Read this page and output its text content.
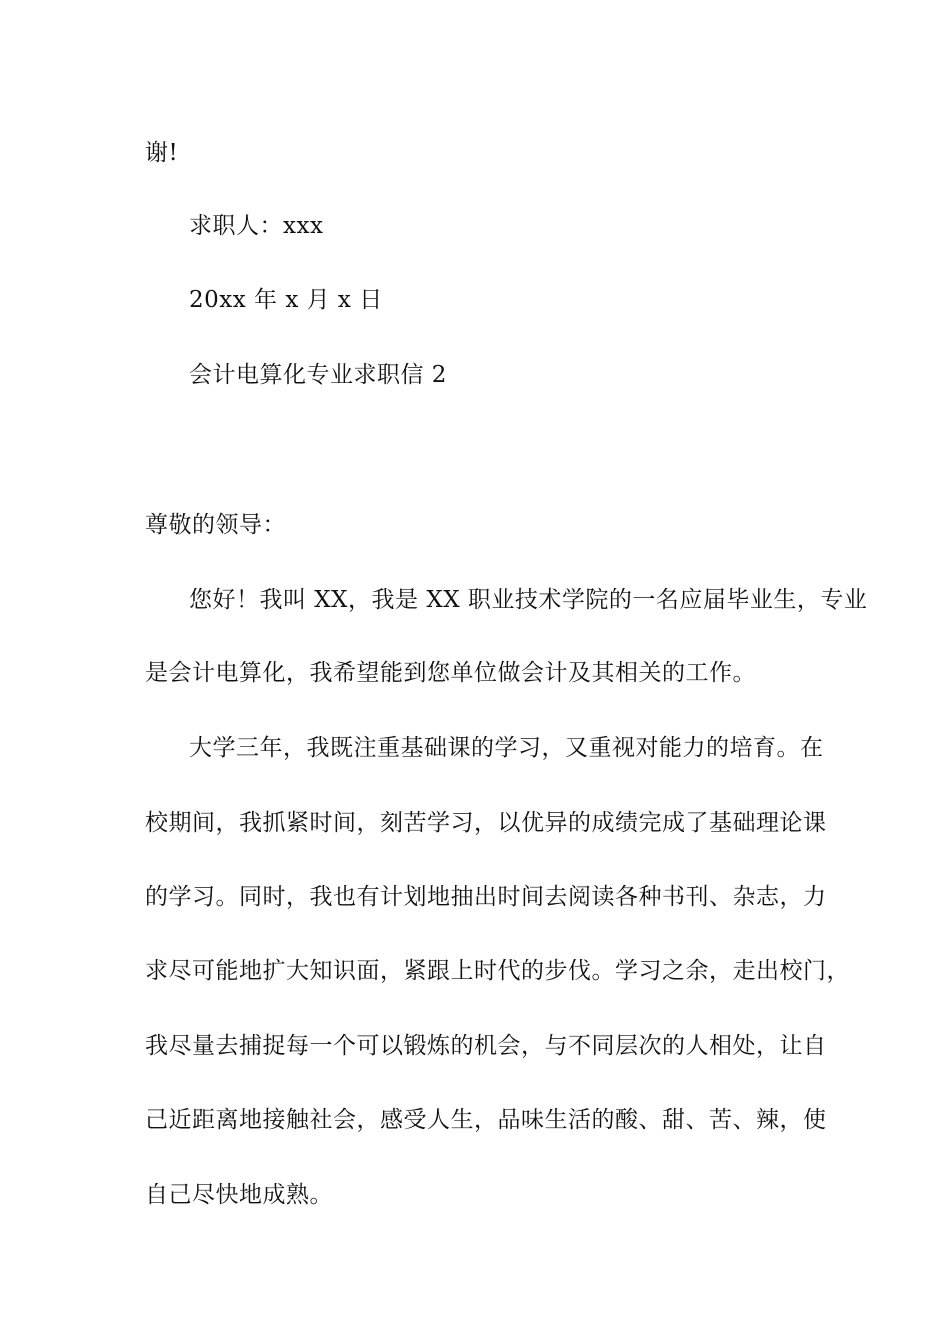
谢!
求职人：xxx
20xx 年 x 月 x 日
会计电算化专业求职信 2
尊敬的领导：
您好！我叫 XX，我是 XX 职业技术学院的一名应届毕业生，专业
是会计电算化，我希望能到您单位做会计及其相关的工作。
大学三年，我既注重基础课的学习，又重视对能力的培育。在
校期间，我抓紧时间，刻苦学习，以优异的成绩完成了基础理论课
的学习。同时，我也有计划地抽出时间去阅读各种书刊、杂志，力
求尽可能地扩大知识面，紧跟上时代的步伐。学习之余，走出校门，
我尽量去捕捉每一个可以锻炼的机会，与不同层次的人相处，让自
己近距离地接触社会，感受人生，品味生活的酸、甜、苦、辣，使
自己尽快地成熟。
